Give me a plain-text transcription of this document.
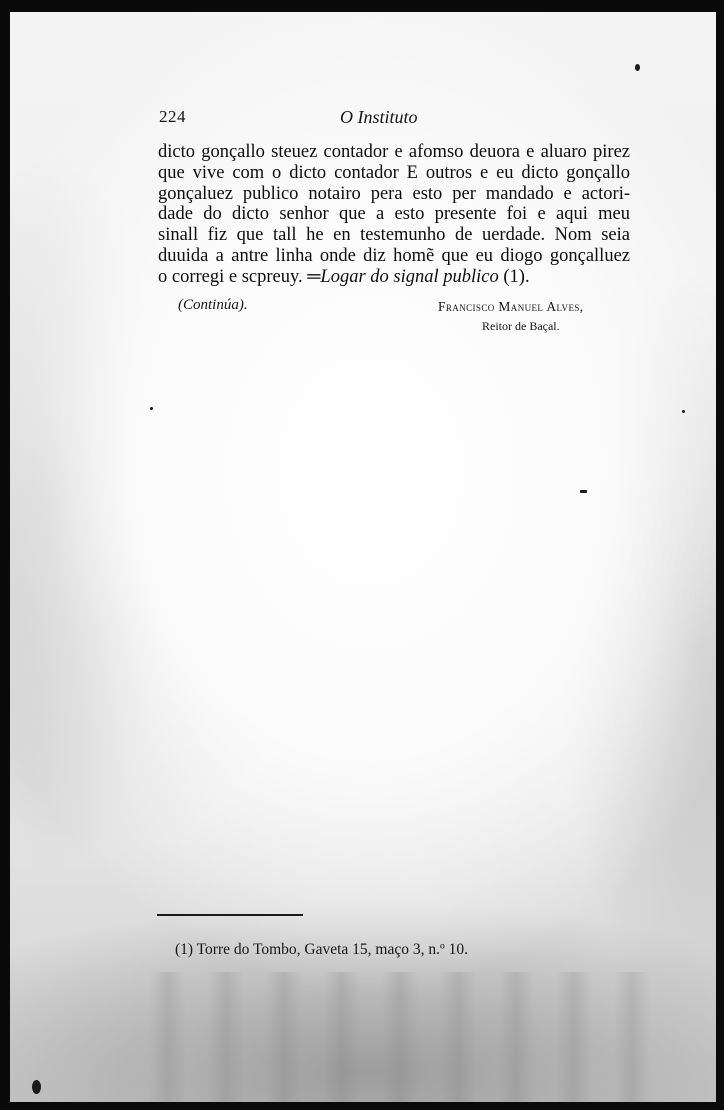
224	O Instituto
dicto gonçallo steuez contador e afomso deuora e aluaro pirez
que vive com o dicto contador E outros e eu dicto gonçallo
gonçaluez publico notairo pera esto per mandado e actori-
dade do dicto senhor que a esto presente foi e aqui meu
sinall fiz que tall he en testemunho de uerdade. Nom seia
duuida a antre linha onde diz homẽ que eu diogo gonçalluez
o corregi e scpreuy. ═Logar do signal publico (1).
(Continúa).	Francisco Manuel Alves,
Reitor de Baçal.
(1) Torre do Tombo, Gaveta 15, maço 3, n.º 10.
